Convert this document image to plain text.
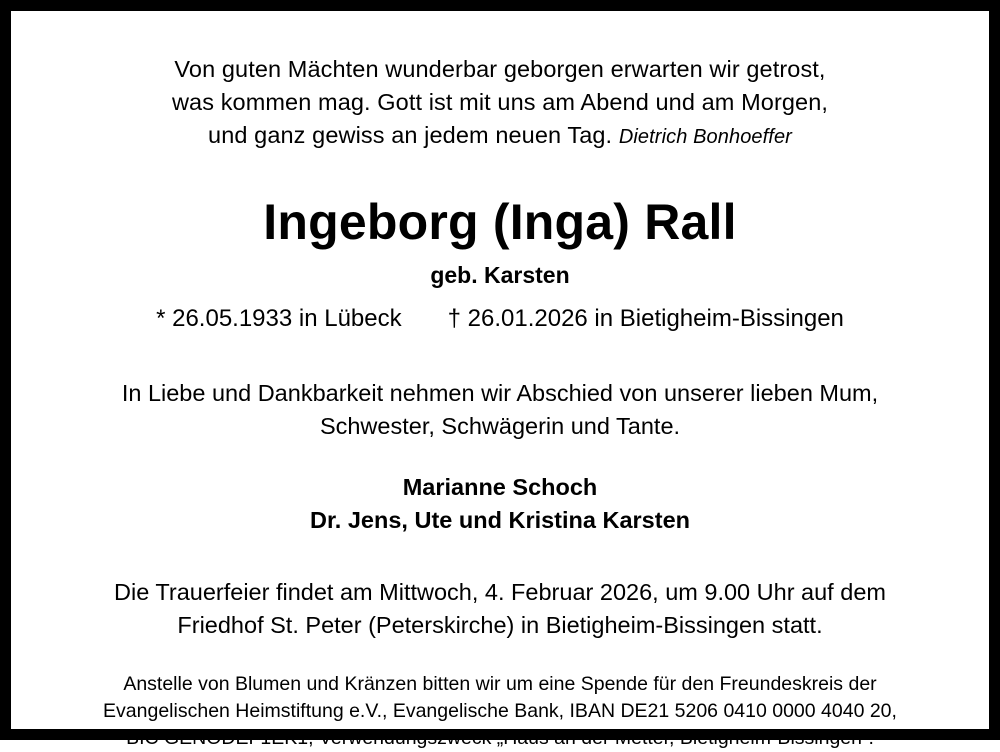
Von guten Mächten wunderbar geborgen erwarten wir getrost,
was kommen mag. Gott ist mit uns am Abend und am Morgen,
und ganz gewiss an jedem neuen Tag. Dietrich Bonhoeffer
Ingeborg (Inga) Rall
geb. Karsten
* 26.05.1933 in Lübeck † 26.01.2026 in Bietigheim-Bissingen
In Liebe und Dankbarkeit nehmen wir Abschied von unserer lieben Mum,
Schwester, Schwägerin und Tante.
Marianne Schoch
Dr. Jens, Ute und Kristina Karsten
Die Trauerfeier findet am Mittwoch, 4. Februar 2026, um 9.00 Uhr auf dem
Friedhof St. Peter (Peterskirche) in Bietigheim-Bissingen statt.
Anstelle von Blumen und Kränzen bitten wir um eine Spende für den Freundeskreis der
Evangelischen Heimstiftung e.V., Evangelische Bank, IBAN DE21 5206 0410 0000 4040 20,
BIC GENODEF1EK1, Verwendungszweck „Haus an der Metter, Bietigheim-Bissingen“.
